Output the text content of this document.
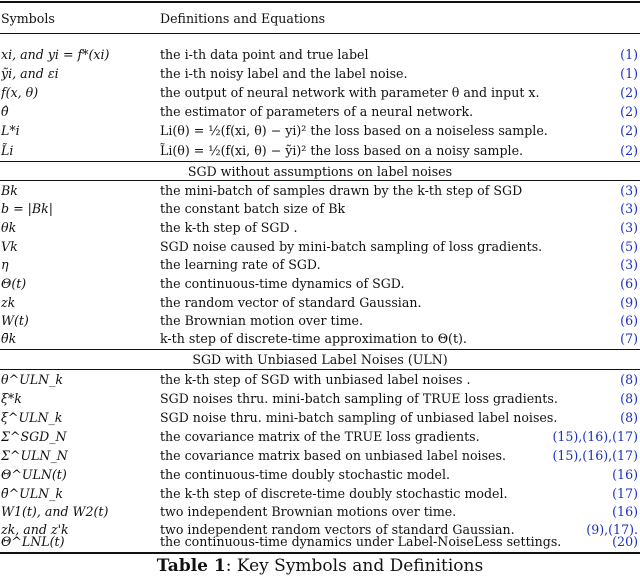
Symbols	Definitions and Equations
xi, and yi = f*(xi)	the i-th data point and true label	(1)
ỹi, and εi	the i-th noisy label and the label noise.	(1)
f(x, θ)	the output of neural network with parameter θ and input x.	(2)
θ̂	the estimator of parameters of a neural network.	(2)
L*i	Li(θ) = ½(f(xi, θ) − yi)² the loss based on a noiseless sample.	(2)
L̃i	L̃i(θ) = ½(f(xi, θ) − ỹi)² the loss based on a noisy sample.	(2)
SGD without assumptions on label noises
Bk	the mini-batch of samples drawn by the k-th step of SGD	(3)
b = |Bk|	the constant batch size of Bk	(3)
θk	the k-th step of SGD .	(3)
Vk	SGD noise caused by mini-batch sampling of loss gradients.	(5)
η	the learning rate of SGD.	(3)
Θ(t)	the continuous-time dynamics of SGD.	(6)
zk	the random vector of standard Gaussian.	(9)
W(t)	the Brownian motion over time.	(6)
θ̄k	k-th step of discrete-time approximation to Θ(t).	(7)
SGD with Unbiased Label Noises (ULN)
θ^ULN_k	the k-th step of SGD with unbiased label noises .	(8)
ξ*k	SGD noises thru. mini-batch sampling of TRUE loss gradients.	(8)
ξ^ULN_k	SGD noise thru. mini-batch sampling of unbiased label noises.	(8)
Σ^SGD_N	the covariance matrix of the TRUE loss gradients.	(15),(16),(17)
Σ^ULN_N	the covariance matrix based on unbiased label noises.	(15),(16),(17)
Θ^ULN(t)	the continuous-time doubly stochastic model.	(16)
θ̄^ULN_k	the k-th step of discrete-time doubly stochastic model.	(17)
W1(t), and W2(t)	two independent Brownian motions over time.	(16)
zk, and z'k	two independent random vectors of standard Gaussian.	(9),(17).
Θ^LNL(t)	the continuous-time dynamics under Label-NoiseLess settings.	(20)
Table 1: Key Symbols and Definitions
